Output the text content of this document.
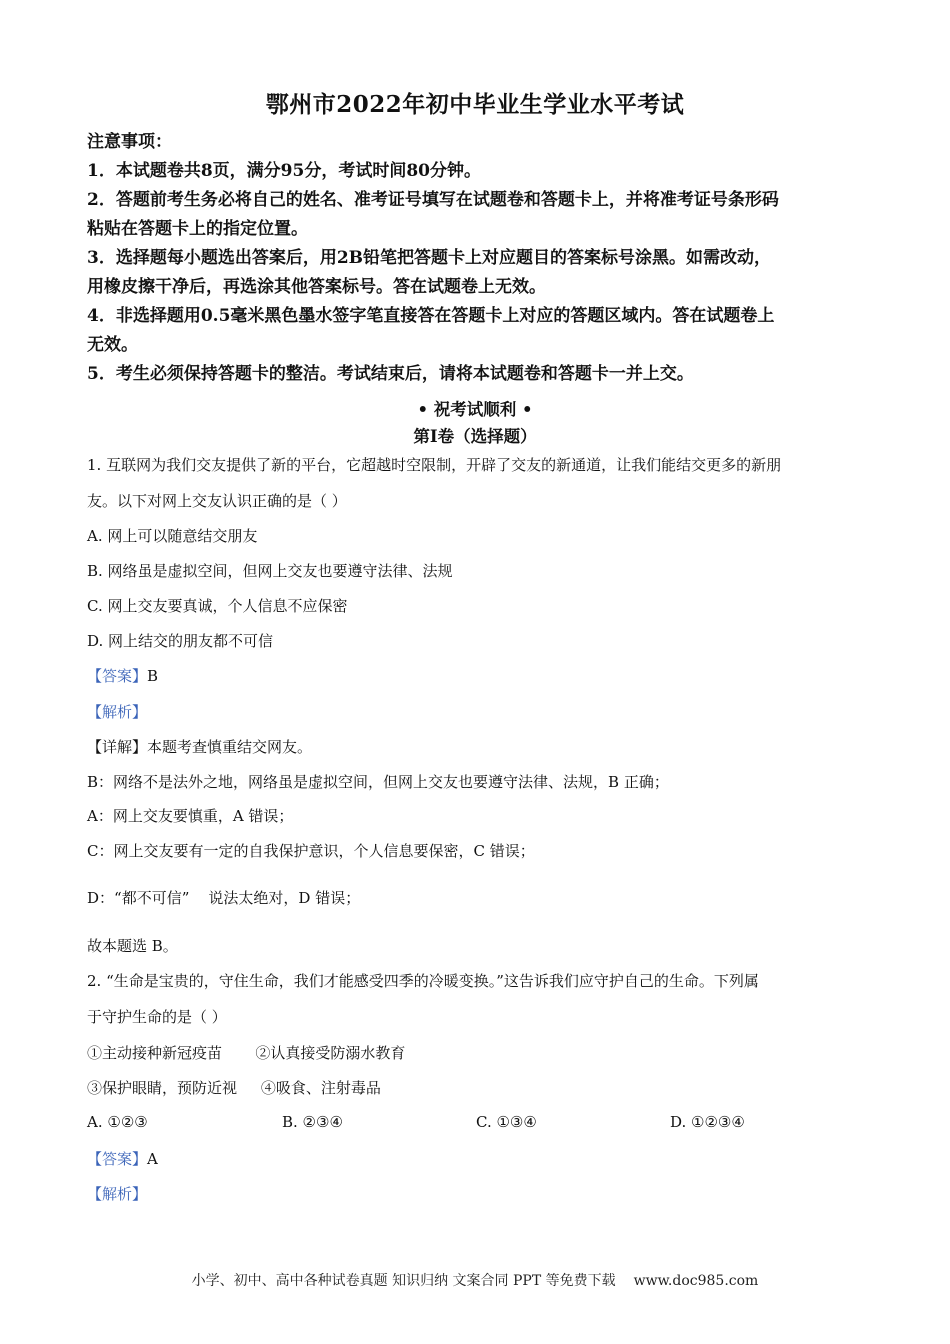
鄂州市2022年初中毕业生学业水平考试
注意事项：
1．本试题卷共8页，满分95分，考试时间80分钟。
2．答题前考生务必将自己的姓名、准考证号填写在试题卷和答题卡上，并将准考证号条形码
粘贴在答题卡上的指定位置。
3．选择题每小题选出答案后，用2B铅笔把答题卡上对应题目的答案标号涂黑。如需改动，
用橡皮擦干净后，再选涂其他答案标号。答在试题卷上无效。
4．非选择题用0.5毫米黑色墨水签字笔直接答在答题卡上对应的答题区域内。答在试题卷上
无效。
5．考生必须保持答题卡的整洁。考试结束后，请将本试题卷和答题卡一并上交。
• 祝考试顺利 •
第Ⅰ卷（选择题）
1. 互联网为我们交友提供了新的平台，它超越时空限制，开辟了交友的新通道，让我们能结交更多的新朋
友。以下对网上交友认识正确的是（ ）
A. 网上可以随意结交朋友
B. 网络虽是虚拟空间，但网上交友也要遵守法律、法规
C. 网上交友要真诚，个人信息不应保密
D. 网上结交的朋友都不可信
【答案】B
【解析】
【详解】本题考查慎重结交网友。
B：网络不是法外之地，网络虽是虚拟空间，但网上交友也要遵守法律、法规，B 正确；
A：网上交友要慎重，A 错误；
C：网上交友要有一定的自我保护意识，个人信息要保密，C 错误；
D：“都不可信”    说法太绝对，D 错误；
故本题选 B。
2. “生命是宝贵的，守住生命，我们才能感受四季的冷暖变换。”这告诉我们应守护自己的生命。下列属
于守护生命的是（ ）
①主动接种新冠疫苗       ②认真接受防溺水教育
③保护眼睛，预防近视     ④吸食、注射毒品
A. ①②③	B. ②③④	C. ①③④	D. ①②③④
【答案】A
【解析】
小学、初中、高中各种试卷真题 知识归纳 文案合同 PPT 等免费下载 www.doc985.com
